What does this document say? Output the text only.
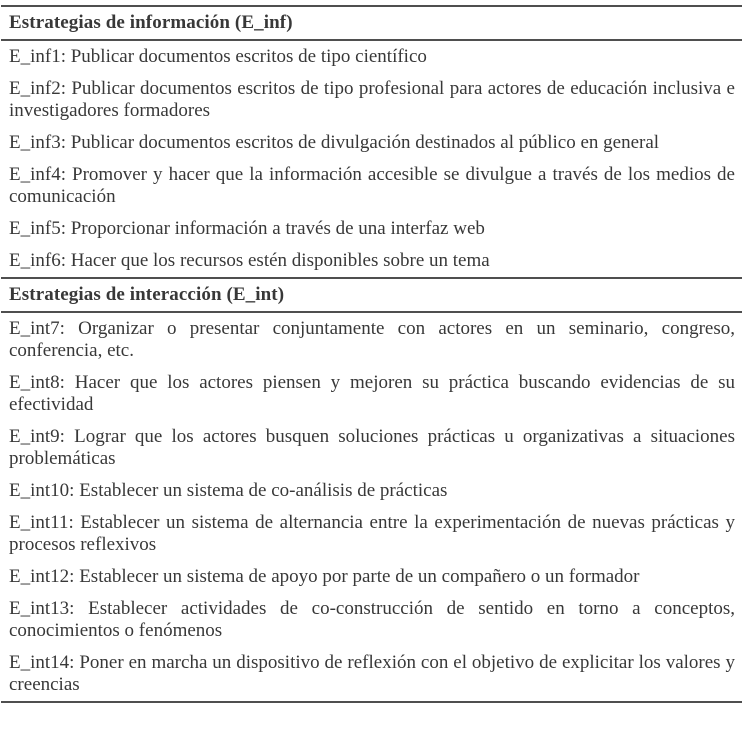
Estrategias de información (E_inf)
E_inf1: Publicar documentos escritos de tipo científico
E_inf2: Publicar documentos escritos de tipo profesional para actores de educación inclusiva e investigadores formadores
E_inf3: Publicar documentos escritos de divulgación destinados al público en general
E_inf4: Promover y hacer que la información accesible se divulgue a través de los medios de comunicación
E_inf5: Proporcionar información a través de una interfaz web
E_inf6: Hacer que los recursos estén disponibles sobre un tema
Estrategias de interacción (E_int)
E_int7: Organizar o presentar conjuntamente con actores en un seminario, congreso, conferencia, etc.
E_int8: Hacer que los actores piensen y mejoren su práctica buscando evidencias de su efectividad
E_int9: Lograr que los actores busquen soluciones prácticas u organizativas a situaciones problemáticas
E_int10: Establecer un sistema de co-análisis de prácticas
E_int11: Establecer un sistema de alternancia entre la experimentación de nuevas prácticas y procesos reflexivos
E_int12: Establecer un sistema de apoyo por parte de un compañero o un formador
E_int13: Establecer actividades de co-construcción de sentido en torno a conceptos, conocimientos o fenómenos
E_int14: Poner en marcha un dispositivo de reflexión con el objetivo de explicitar los valores y creencias
